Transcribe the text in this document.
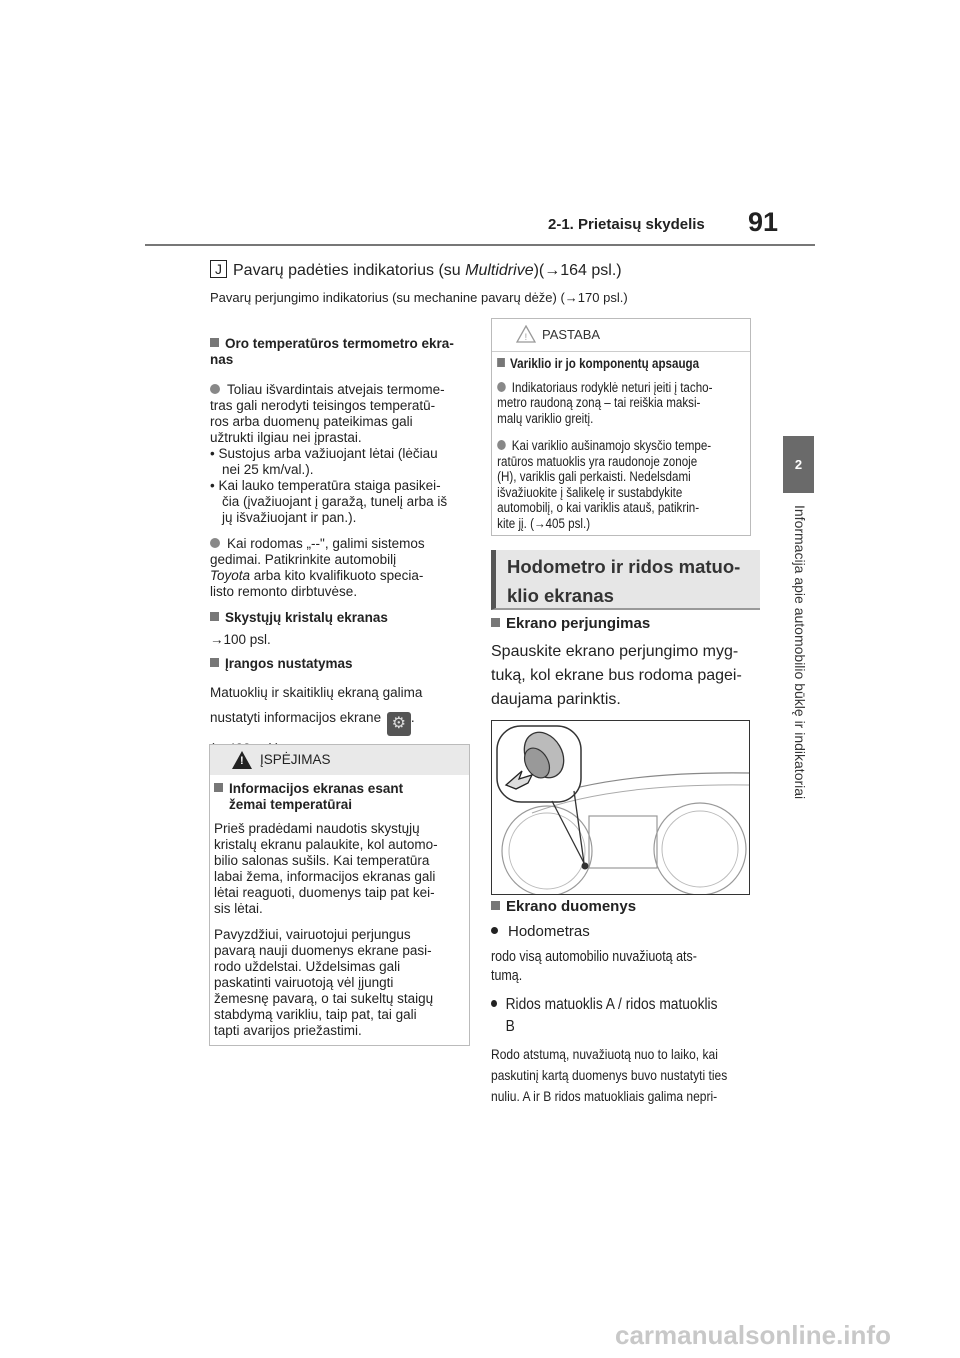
2-1. Prietaisų skydelis 91
2
Informacija apie automobilio būklę ir indikatoriai
J Pavarų padėties indikatorius (su Multidrive)(→164 psl.)
Pavarų perjungimo indikatorius (su mechanine pavarų dėže) (→170 psl.)
Oro temperatūros termometro ekra-
nas
Toliau išvardintais atvejais termome-
tras gali nerodyti teisingos temperatū-
ros arba duomenų pateikimas gali
užtrukti ilgiau nei įprastai.
• Sustojus arba važiuojant lėtai (lėčiau
nei 25 km/val.).
• Kai lauko temperatūra staiga pasikei-
čia (įvažiuojant į garažą, tunelį arba iš
jų išvažiuojant ir pan.).
Kai rodomas „--", galimi sistemos
gedimai. Patikrinkite automobilį
Toyota arba kito kvalifikuoto specia-
listo remonto dirbtuvėse.
Skystųjų kristalų ekranas
→100 psl.
Įrangos nustatymas
Matuoklių ir skaitiklių ekraną galima
nustatyti informacijos ekrane ⚙ .

! ĮSPĖJIMAS
Informacijos ekranas esant
žemai temperatūrai
Prieš pradėdami naudotis skystųjų
kristalų ekranu palaukite, kol automo-
bilio salonas sušils. Kai temperatūra
labai žema, informacijos ekranas gali
lėtai reaguoti, duomenys taip pat kei-
sis lėtai.
Pavyzdžiui, vairuotojui perjungus
pavarą nauji duomenys ekrane pasi-
rodo uždelstai. Uždelsimas gali
paskatinti vairuotoją vėl įjungti
žemesnę pavarą, o tai sukeltų staigų
stabdymą varikliu, taip pat, tai gali
tapti avarijos priežastimi.
! PASTABA
Variklio ir jo komponentų apsauga
Indikatoriaus rodyklė neturi įeiti į tacho-
metro raudoną zoną – tai reiškia maksi-
malų variklio greitį.
Kai variklio aušinamojo skysčio tempe-
ratūros matuoklis yra raudonoje zonoje
(H), variklis gali perkaisti. Nedelsdami
išvažiuokite į šalikelę ir sustabdykite
automobilį, o kai variklis atauš, patikrin-
kite jį. (→405 psl.)
Hodometro ir ridos matuo-
klio ekranas
Ekrano perjungimas
Spauskite ekrano perjungimo myg-
tuką, kol ekrane bus rodoma pagei-
daujama parinktis.
Ekrano duomenys
Hodometras
rodo visą automobilio nuvažiuotą ats-
tumą.
Ridos matuoklis A / ridos matuoklis
B
Rodo atstumą, nuvažiuotą nuo to laiko, kai
paskutinį kartą duomenys buvo nustatyti ties
nuliu. A ir B ridos matuokliais galima nepri-
carmanualsonline.info
